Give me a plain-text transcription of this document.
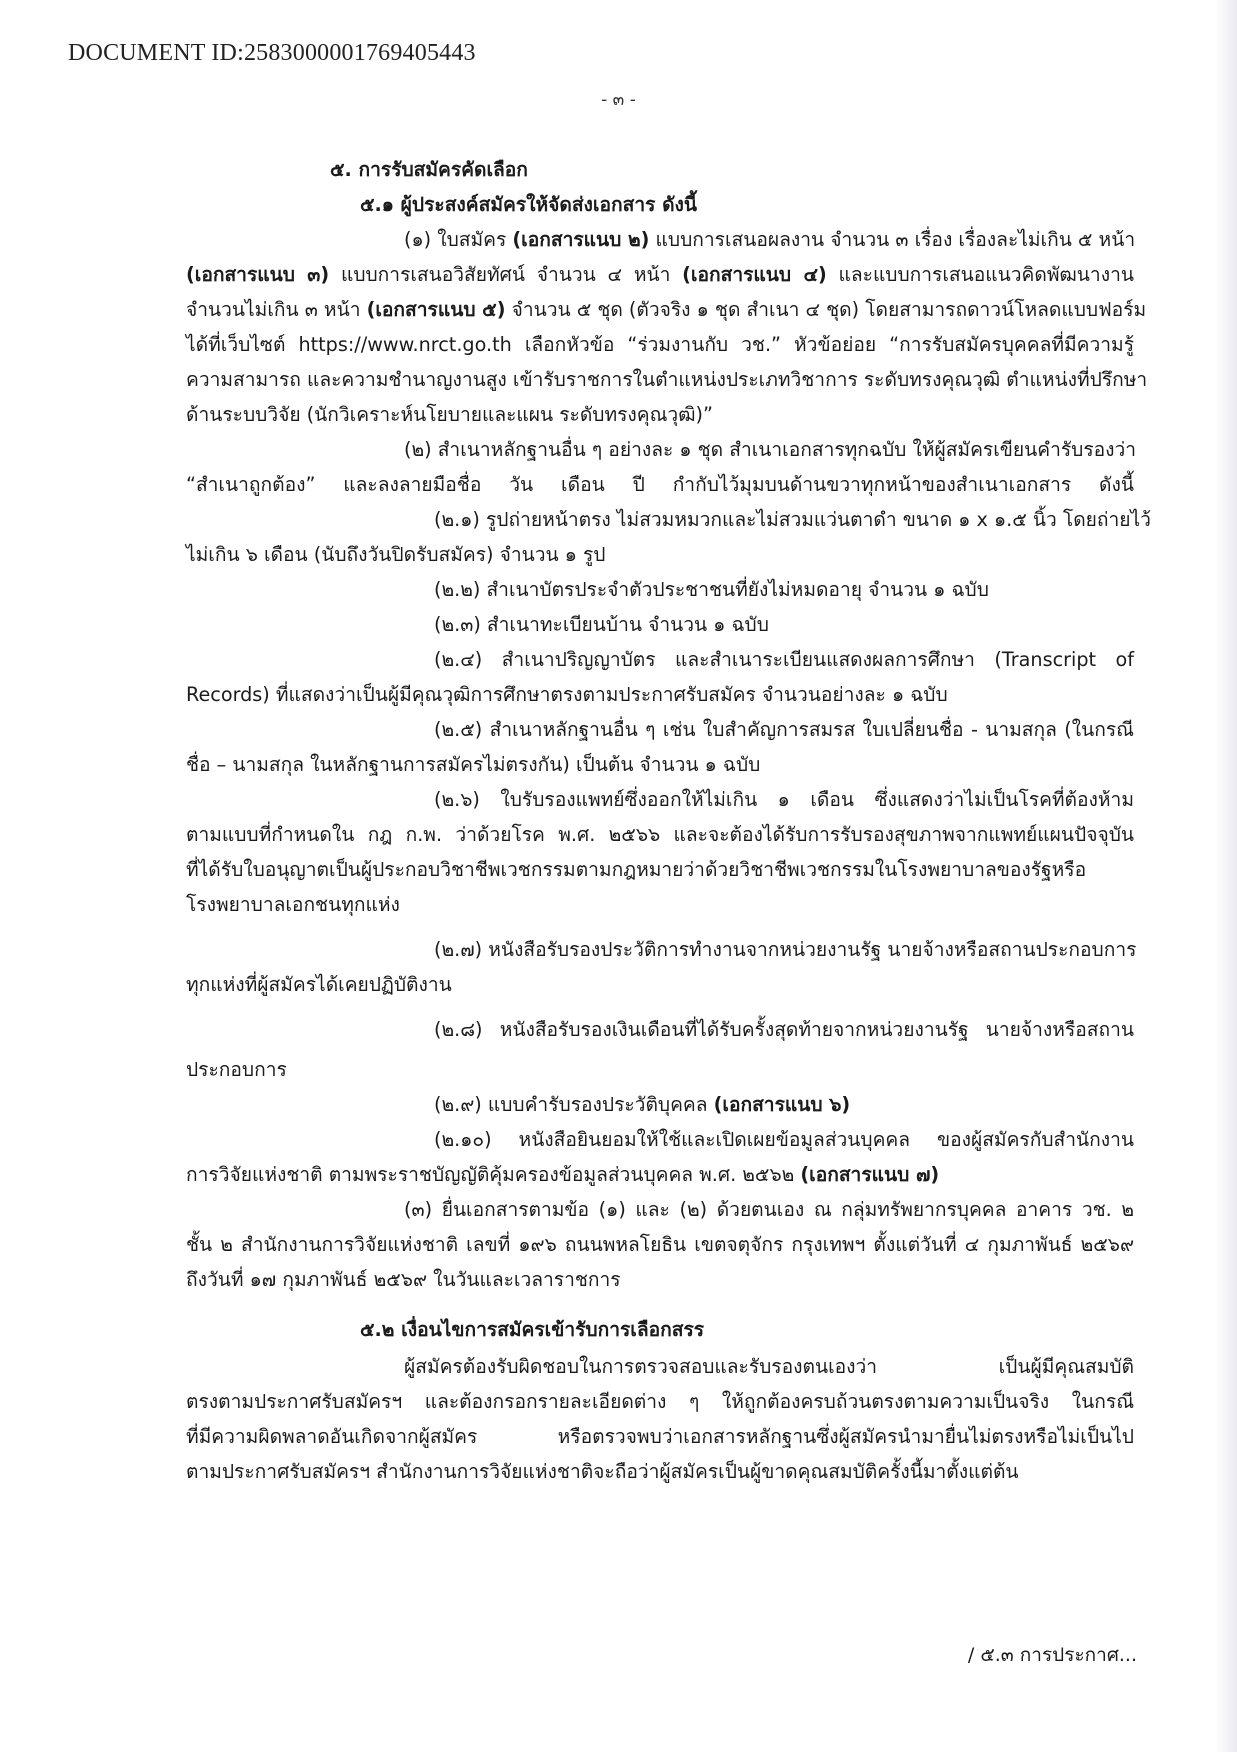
DOCUMENT ID:2583000001769405443
- ๓ -
๕. การรับสมัครคัดเลือก
๕.๑ ผู้ประสงค์สมัครให้จัดส่งเอกสาร ดังนี้
(๑) ใบสมัคร (เอกสารแนบ ๒) แบบการเสนอผลงาน จำนวน ๓ เรื่อง เรื่องละไม่เกิน ๕ หน้า
(เอกสารแนบ ๓) แบบการเสนอวิสัยทัศน์ จำนวน ๔ หน้า (เอกสารแนบ ๔) และแบบการเสนอแนวคิดพัฒนางาน
จำนวนไม่เกิน ๓ หน้า (เอกสารแนบ ๕) จำนวน ๕ ชุด (ตัวจริง ๑ ชุด สำเนา ๔ ชุด) โดยสามารถดาวน์โหลดแบบฟอร์ม
ได้ที่เว็บไซต์ https://www.nrct.go.th เลือกหัวข้อ “ร่วมงานกับ วช.” หัวข้อย่อย “การรับสมัครบุคคลที่มีความรู้
ความสามารถ และความชำนาญงานสูง เข้ารับราชการในตำแหน่งประเภทวิชาการ ระดับทรงคุณวุฒิ ตำแหน่งที่ปรึกษา
ด้านระบบวิจัย (นักวิเคราะห์นโยบายและแผน ระดับทรงคุณวุฒิ)”
(๒) สำเนาหลักฐานอื่น ๆ อย่างละ ๑ ชุด สำเนาเอกสารทุกฉบับ ให้ผู้สมัครเขียนคำรับรองว่า
“สำเนาถูกต้อง” และลงลายมือชื่อ วัน เดือน ปี กำกับไว้มุมบนด้านขวาทุกหน้าของสำเนาเอกสาร ดังนี้
(๒.๑) รูปถ่ายหน้าตรง ไม่สวมหมวกและไม่สวมแว่นตาดำ ขนาด ๑ x ๑.๕ นิ้ว โดยถ่ายไว้
ไม่เกิน ๖ เดือน (นับถึงวันปิดรับสมัคร) จำนวน ๑ รูป
(๒.๒) สำเนาบัตรประจำตัวประชาชนที่ยังไม่หมดอายุ จำนวน ๑ ฉบับ
(๒.๓) สำเนาทะเบียนบ้าน จำนวน ๑ ฉบับ
(๒.๔) สำเนาปริญญาบัตร และสำเนาระเบียนแสดงผลการศึกษา (Transcript of
Records) ที่แสดงว่าเป็นผู้มีคุณวุฒิการศึกษาตรงตามประกาศรับสมัคร จำนวนอย่างละ ๑ ฉบับ
(๒.๕) สำเนาหลักฐานอื่น ๆ เช่น ใบสำคัญการสมรส ใบเปลี่ยนชื่อ - นามสกุล (ในกรณี
ชื่อ – นามสกุล ในหลักฐานการสมัครไม่ตรงกัน) เป็นต้น จำนวน ๑ ฉบับ
(๒.๖) ใบรับรองแพทย์ซึ่งออกให้ไม่เกิน ๑ เดือน ซึ่งแสดงว่าไม่เป็นโรคที่ต้องห้าม
ตามแบบที่กำหนดใน กฎ ก.พ. ว่าด้วยโรค พ.ศ. ๒๕๖๖ และจะต้องได้รับการรับรองสุขภาพจากแพทย์แผนปัจจุบัน
ที่ได้รับใบอนุญาตเป็นผู้ประกอบวิชาชีพเวชกรรมตามกฎหมายว่าด้วยวิชาชีพเวชกรรมในโรงพยาบาลของรัฐหรือ
โรงพยาบาลเอกชนทุกแห่ง
(๒.๗) หนังสือรับรองประวัติการทำงานจากหน่วยงานรัฐ นายจ้างหรือสถานประกอบการ
ทุกแห่งที่ผู้สมัครได้เคยปฏิบัติงาน
(๒.๘) หนังสือรับรองเงินเดือนที่ได้รับครั้งสุดท้ายจากหน่วยงานรัฐ นายจ้างหรือสถาน
ประกอบการ
(๒.๙) แบบคำรับรองประวัติบุคคล (เอกสารแนบ ๖)
(๒.๑๐) หนังสือยินยอมให้ใช้และเปิดเผยข้อมูลส่วนบุคคล ของผู้สมัครกับสำนักงาน
การวิจัยแห่งชาติ ตามพระราชบัญญัติคุ้มครองข้อมูลส่วนบุคคล พ.ศ. ๒๕๖๒ (เอกสารแนบ ๗)
(๓) ยื่นเอกสารตามข้อ (๑) และ (๒) ด้วยตนเอง ณ กลุ่มทรัพยากรบุคคล อาคาร วช. ๒
ชั้น ๒ สำนักงานการวิจัยแห่งชาติ เลขที่ ๑๙๖ ถนนพหลโยธิน เขตจตุจักร กรุงเทพฯ ตั้งแต่วันที่ ๔ กุมภาพันธ์ ๒๕๖๙
ถึงวันที่ ๑๗ กุมภาพันธ์ ๒๕๖๙ ในวันและเวลาราชการ
๕.๒ เงื่อนไขการสมัครเข้ารับการเลือกสรร
ผู้สมัครต้องรับผิดชอบในการตรวจสอบและรับรองตนเองว่า เป็นผู้มีคุณสมบัติ
ตรงตามประกาศรับสมัครฯ และต้องกรอกรายละเอียดต่าง ๆ ให้ถูกต้องครบถ้วนตรงตามความเป็นจริง ในกรณี
ที่มีความผิดพลาดอันเกิดจากผู้สมัคร หรือตรวจพบว่าเอกสารหลักฐานซึ่งผู้สมัครนำมายื่นไม่ตรงหรือไม่เป็นไป
ตามประกาศรับสมัครฯ สำนักงานการวิจัยแห่งชาติจะถือว่าผู้สมัครเป็นผู้ขาดคุณสมบัติครั้งนี้มาตั้งแต่ต้น
/ ๕.๓ การประกาศ...
